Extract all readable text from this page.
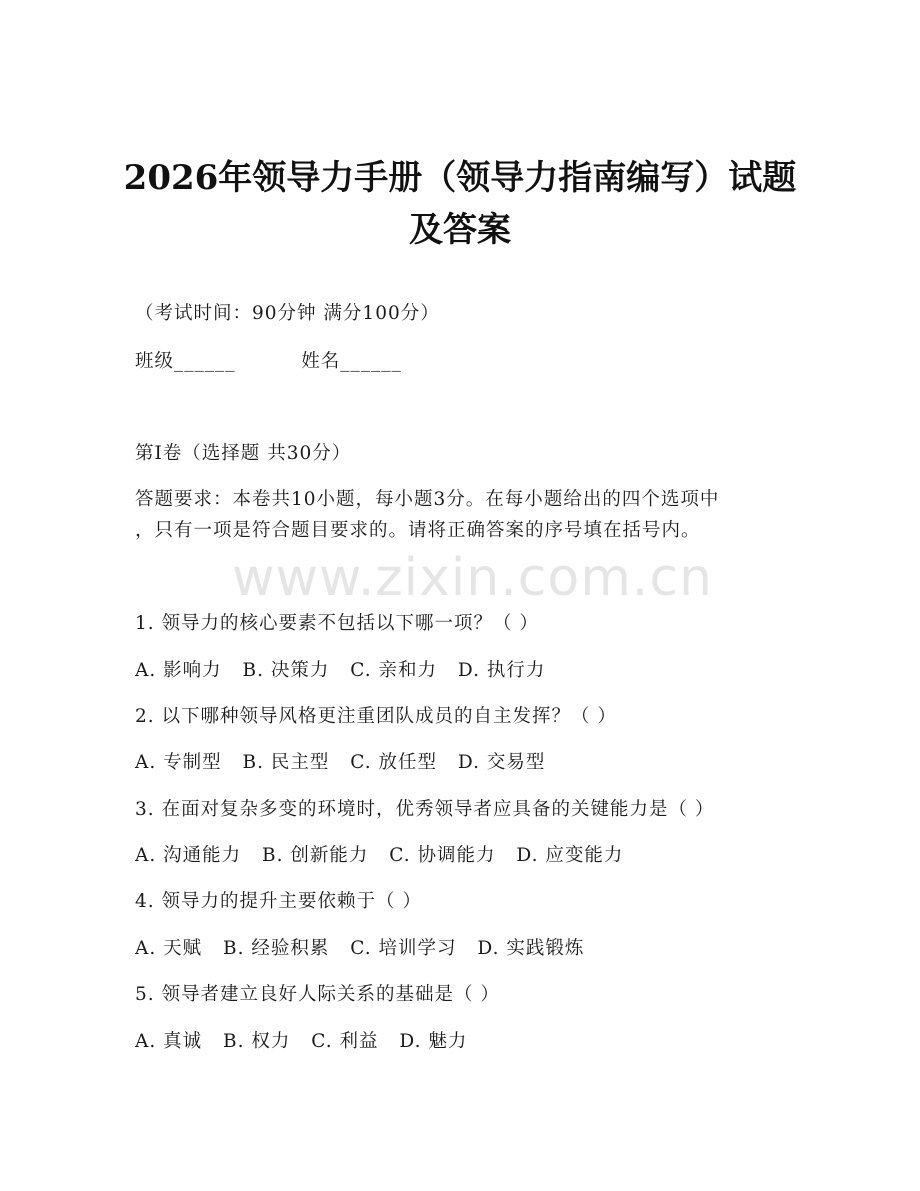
2026年领导力手册（领导力指南编写）试题
及答案
（考试时间：90分钟 满分100分）
班级______	姓名______
第I卷（选择题 共30分）
答题要求：本卷共10小题，每小题3分。在每小题给出的四个选项中
，只有一项是符合题目要求的。请将正确答案的序号填在括号内。
www.zixin.com.cn
1. 领导力的核心要素不包括以下哪一项？（ ）
A. 影响力 B. 决策力 C. 亲和力 D. 执行力
2. 以下哪种领导风格更注重团队成员的自主发挥？（ ）
A. 专制型 B. 民主型 C. 放任型 D. 交易型
3. 在面对复杂多变的环境时，优秀领导者应具备的关键能力是（ ）
A. 沟通能力 B. 创新能力 C. 协调能力 D. 应变能力
4. 领导力的提升主要依赖于（ ）
A. 天赋 B. 经验积累 C. 培训学习 D. 实践锻炼
5. 领导者建立良好人际关系的基础是（ ）
A. 真诚 B. 权力 C. 利益 D. 魅力
